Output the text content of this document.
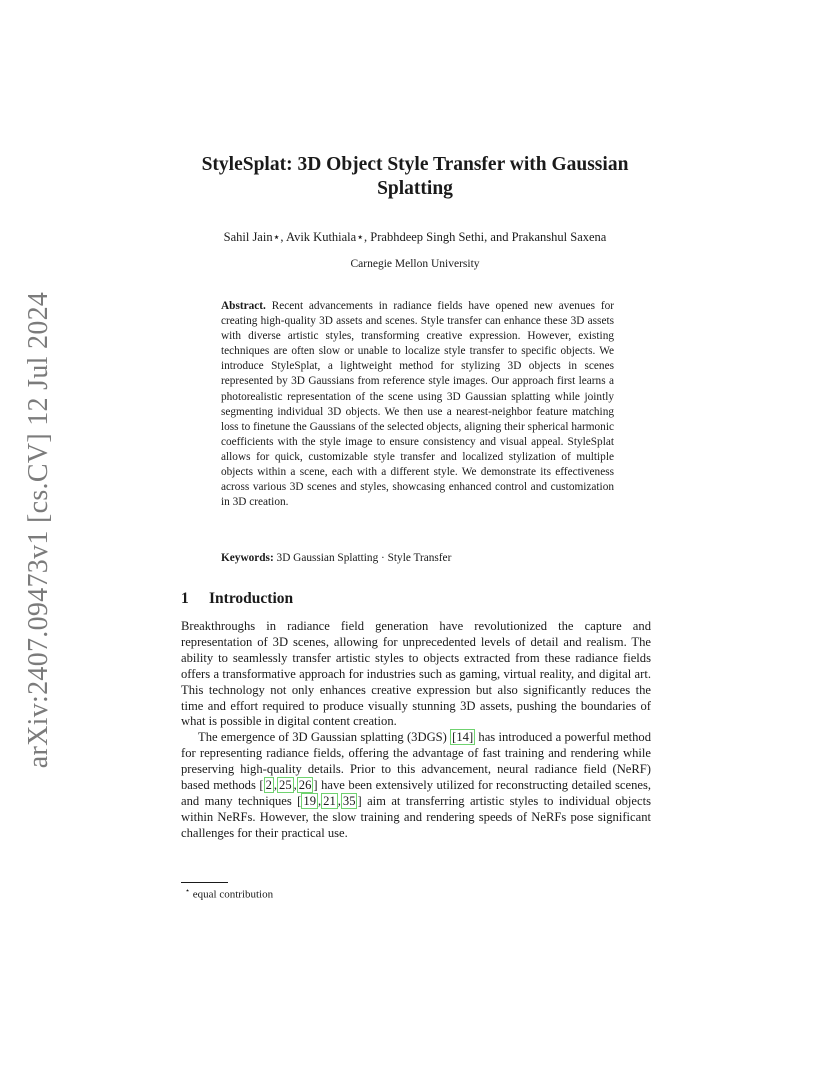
arXiv:2407.09473v1 [cs.CV] 12 Jul 2024
StyleSplat: 3D Object Style Transfer with Gaussian Splatting
Sahil Jain⋆, Avik Kuthiala⋆, Prabhdeep Singh Sethi, and Prakanshul Saxena
Carnegie Mellon University
Abstract. Recent advancements in radiance fields have opened new avenues for creating high-quality 3D assets and scenes. Style transfer can enhance these 3D assets with diverse artistic styles, transforming creative expression. However, existing techniques are often slow or unable to localize style transfer to specific objects. We introduce StyleSplat, a lightweight method for stylizing 3D objects in scenes represented by 3D Gaussians from reference style images. Our approach first learns a photorealistic representation of the scene using 3D Gaussian splatting while jointly segmenting individual 3D objects. We then use a nearest-neighbor feature matching loss to finetune the Gaussians of the selected objects, aligning their spherical harmonic coefficients with the style image to ensure consistency and visual appeal. StyleSplat allows for quick, customizable style transfer and localized stylization of multiple objects within a scene, each with a different style. We demonstrate its effectiveness across various 3D scenes and styles, showcasing enhanced control and customization in 3D creation.
Keywords: 3D Gaussian Splatting · Style Transfer
1 Introduction

Breakthroughs in radiance field generation have revolutionized the capture and representation of 3D scenes, allowing for unprecedented levels of detail and realism. The ability to seamlessly transfer artistic styles to objects extracted from these radiance fields offers a transformative approach for industries such as gaming, virtual reality, and digital art. This technology not only enhances creative expression but also significantly reduces the time and effort required to produce visually stunning 3D assets, pushing the boundaries of what is possible in digital content creation.

The emergence of 3D Gaussian splatting (3DGS) [14] has introduced a powerful method for representing radiance fields, offering the advantage of fast training and rendering while preserving high-quality details. Prior to this advancement, neural radiance field (NeRF) based methods [ 2 , 25 , 26 ] have been extensively utilized for reconstructing detailed scenes, and many techniques [ 19 , 21 , 35 ] aim at transferring artistic styles to individual objects within NeRFs. However, the slow training and rendering speeds of NeRFs pose significant challenges for their practical use.

⋆ equal contribution
